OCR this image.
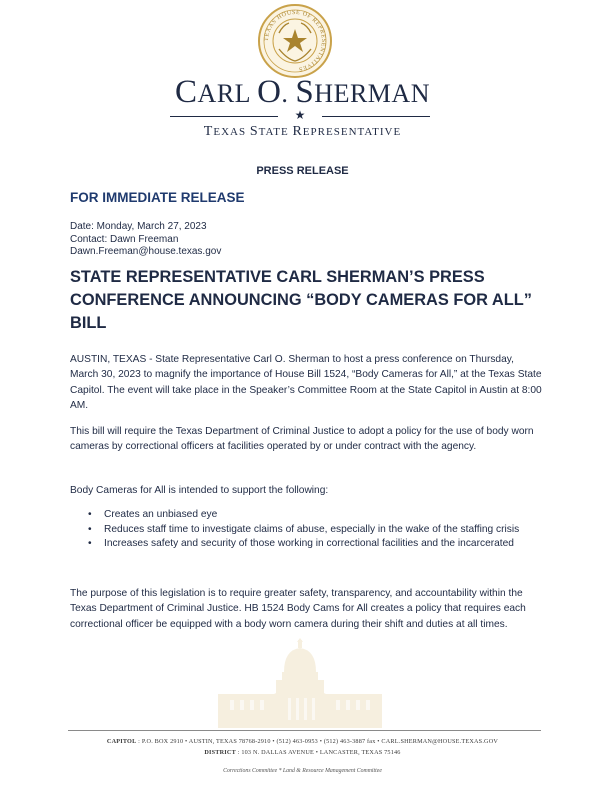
TEXAS HOUSE OF REPRESENTATIVES
CARL O. SHERMAN
★
TEXAS STATE REPRESENTATIVE
PRESS RELEASE
FOR IMMEDIATE RELEASE
Date: Monday, March 27, 2023
Contact: Dawn Freeman
Dawn.Freeman@house.texas.gov
STATE REPRESENTATIVE CARL SHERMAN’S PRESS CONFERENCE ANNOUNCING “BODY CAMERAS FOR ALL” BILL

AUSTIN, TEXAS - State Representative Carl O. Sherman to host a press conference on Thursday, March 30, 2023 to magnify the importance of House Bill 1524, “Body Cameras for All,” at the Texas State Capitol. The event will take place in the Speaker’s Committee Room at the State Capitol in Austin at 8:00 AM.

This bill will require the Texas Department of Criminal Justice to adopt a policy for the use of body worn cameras by correctional officers at facilities operated by or under contract with the agency.

Body Cameras for All is intended to support the following:

• Creates an unbiased eye
• Reduces staff time to investigate claims of abuse, especially in the wake of the staffing crisis
• Increases safety and security of those working in correctional facilities and the incarcerated

The purpose of this legislation is to require greater safety, transparency, and accountability within the Texas Department of Criminal Justice. HB 1524 Body Cams for All creates a policy that requires each correctional officer be equipped with a body worn camera during their shift and duties at all times.

CAPITOL : P.O. BOX 2910 • AUSTIN, TEXAS 78768-2910 • (512) 463-0953 • (512) 463-3887 fax • CARL.SHERMAN@HOUSE.TEXAS.GOV
DISTRICT : 103 N. DALLAS AVENUE • LANCASTER, TEXAS 75146
Corrections Committee * Land & Resource Management Committee
